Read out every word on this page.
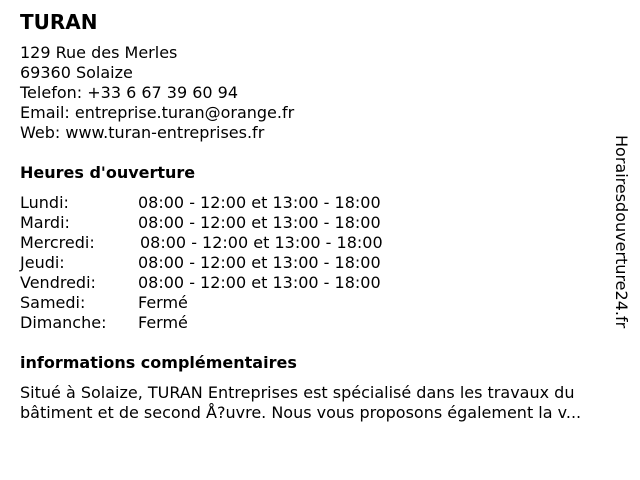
TURAN
129 Rue des Merles
69360 Solaize
Telefon: +33 6 67 39 60 94
Email: entreprise.turan@orange.fr
Web: www.turan-entreprises.fr
Heures d'ouverture
Lundi:	08:00 - 12:00 et 13:00 - 18:00
Mardi:	08:00 - 12:00 et 13:00 - 18:00
Mercredi:	08:00 - 12:00 et 13:00 - 18:00
Jeudi:	08:00 - 12:00 et 13:00 - 18:00
Vendredi:	08:00 - 12:00 et 13:00 - 18:00
Samedi:	Fermé
Dimanche: Fermé
informations complémentaires
Situé à Solaize, TURAN Entreprises est spécialisé dans les travaux du
bâtiment et de second Å?uvre. Nous vous proposons également la v...
Horairesdouverture24.fr
